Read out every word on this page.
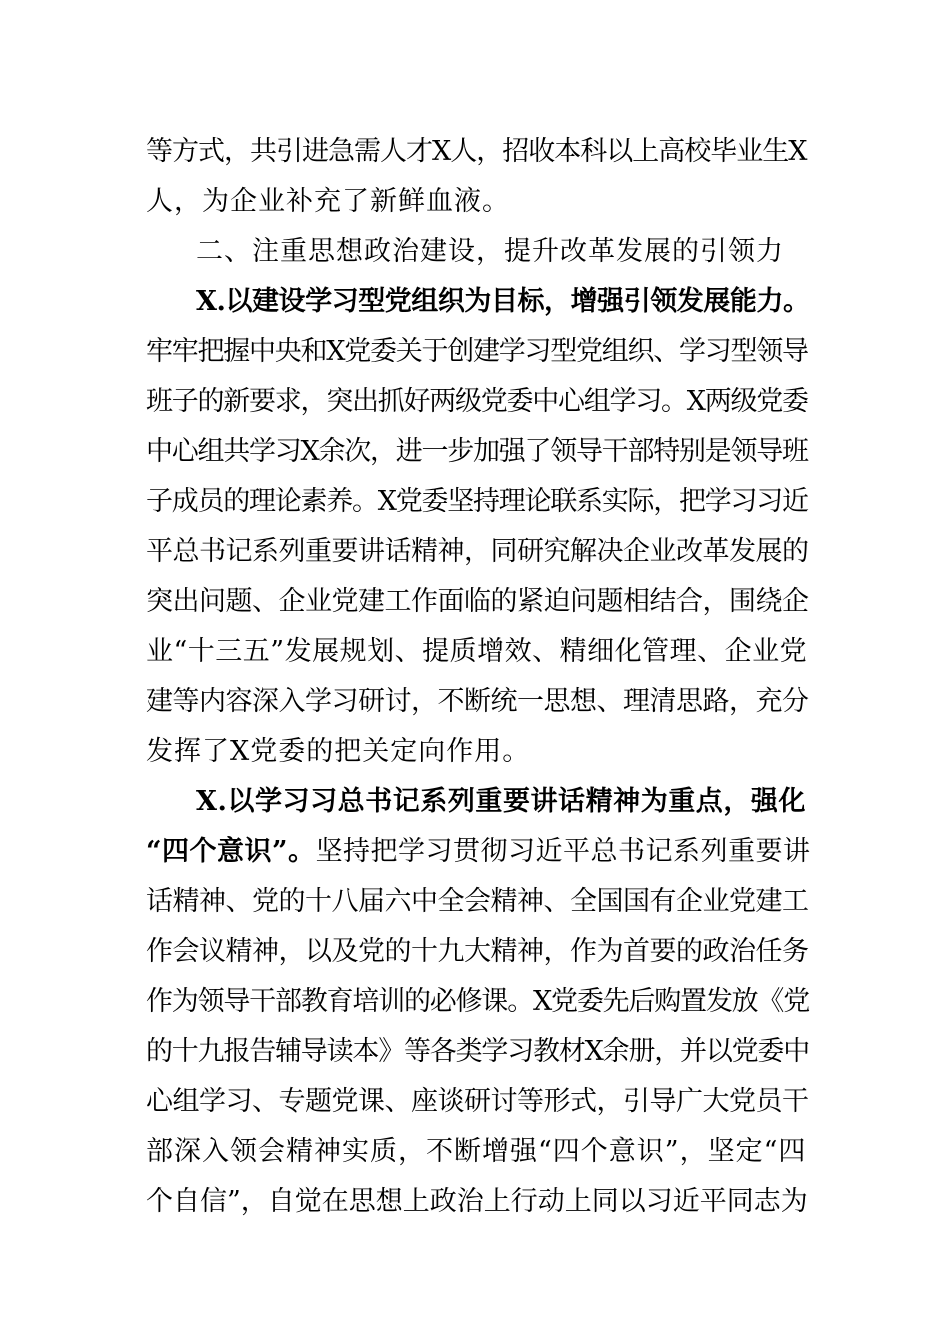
等方式，共引进急需人才X人，招收本科以上高校毕业生X
人，为企业补充了新鲜血液。
二、注重思想政治建设，提升改革发展的引领力
X.以建设学习型党组织为目标，增强引领发展能力。
牢牢把握中央和X党委关于创建学习型党组织、学习型领导
班子的新要求，突出抓好两级党委中心组学习。X两级党委
中心组共学习X余次，进一步加强了领导干部特别是领导班
子成员的理论素养。X党委坚持理论联系实际，把学习习近
平总书记系列重要讲话精神，同研究解决企业改革发展的
突出问题、企业党建工作面临的紧迫问题相结合，围绕企
业“十三五”发展规划、提质增效、精细化管理、企业党
建等内容深入学习研讨，不断统一思想、理清思路，充分
发挥了X党委的把关定向作用。
X.以学习习总书记系列重要讲话精神为重点，强化
“四个意识”。坚持把学习贯彻习近平总书记系列重要讲
话精神、党的十八届六中全会精神、全国国有企业党建工
作会议精神，以及党的十九大精神，作为首要的政治任务
作为领导干部教育培训的必修课。X党委先后购置发放《党
的十九报告辅导读本》等各类学习教材X余册，并以党委中
心组学习、专题党课、座谈研讨等形式，引导广大党员干
部深入领会精神实质，不断增强“四个意识”，坚定“四
个自信”，自觉在思想上政治上行动上同以习近平同志为
